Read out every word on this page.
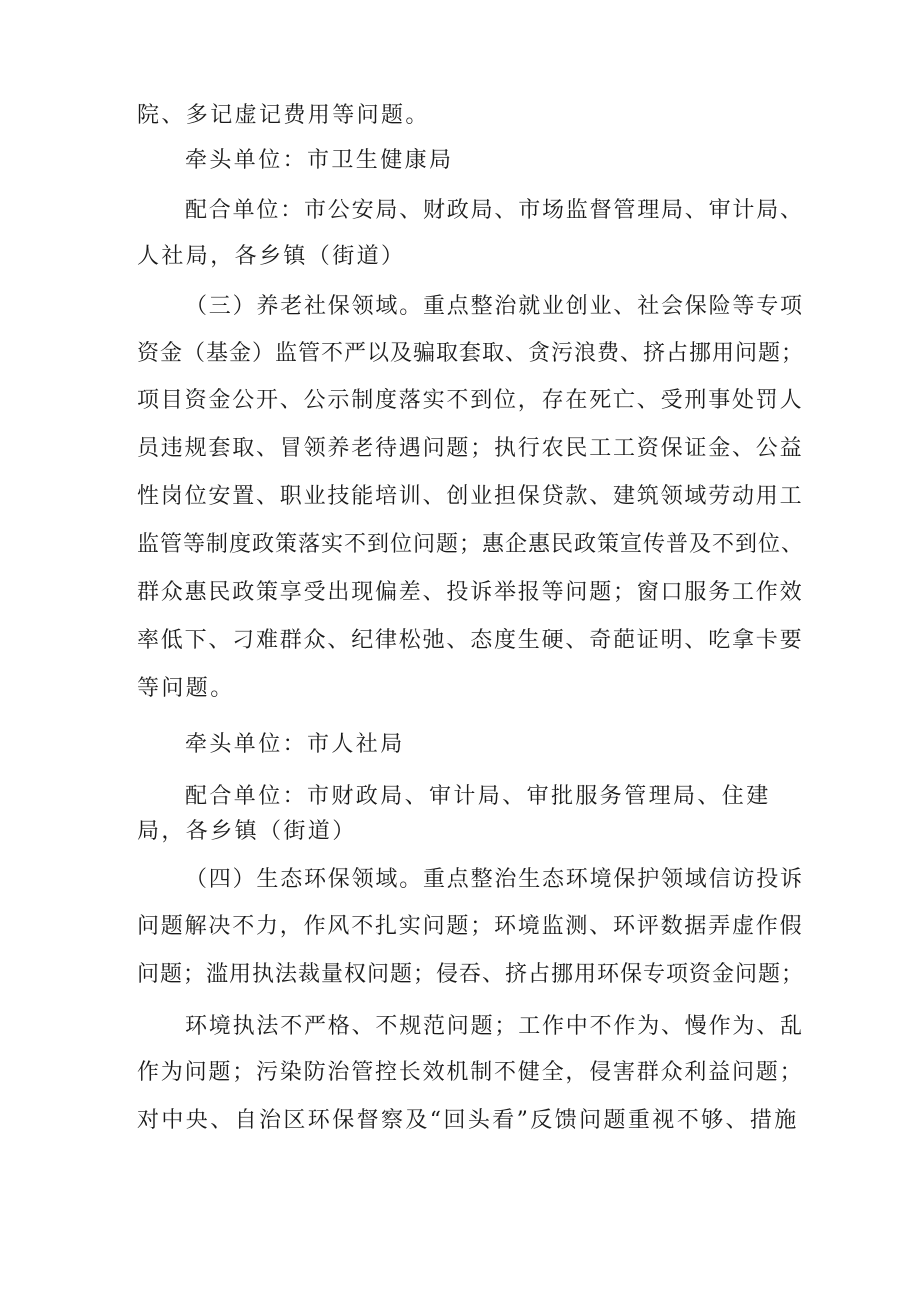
院、多记虚记费用等问题。
牵头单位：市卫生健康局
配合单位：市公安局、财政局、市场监督管理局、审计局、
人社局，各乡镇（街道）
（三）养老社保领域。重点整治就业创业、社会保险等专项
资金（基金）监管不严以及骗取套取、贪污浪费、挤占挪用问题；
项目资金公开、公示制度落实不到位，存在死亡、受刑事处罚人
员违规套取、冒领养老待遇问题；执行农民工工资保证金、公益
性岗位安置、职业技能培训、创业担保贷款、建筑领域劳动用工
监管等制度政策落实不到位问题；惠企惠民政策宣传普及不到位、
群众惠民政策享受出现偏差、投诉举报等问题；窗口服务工作效
率低下、刁难群众、纪律松弛、态度生硬、奇葩证明、吃拿卡要
等问题。
牵头单位：市人社局
配合单位：市财政局、审计局、审批服务管理局、住建
局，各乡镇（街道）
（四）生态环保领域。重点整治生态环境保护领域信访投诉
问题解决不力，作风不扎实问题；环境监测、环评数据弄虚作假
问题；滥用执法裁量权问题；侵吞、挤占挪用环保专项资金问题；
环境执法不严格、不规范问题；工作中不作为、慢作为、乱
作为问题；污染防治管控长效机制不健全，侵害群众利益问题；
对中央、自治区环保督察及“回头看”反馈问题重视不够、措施
